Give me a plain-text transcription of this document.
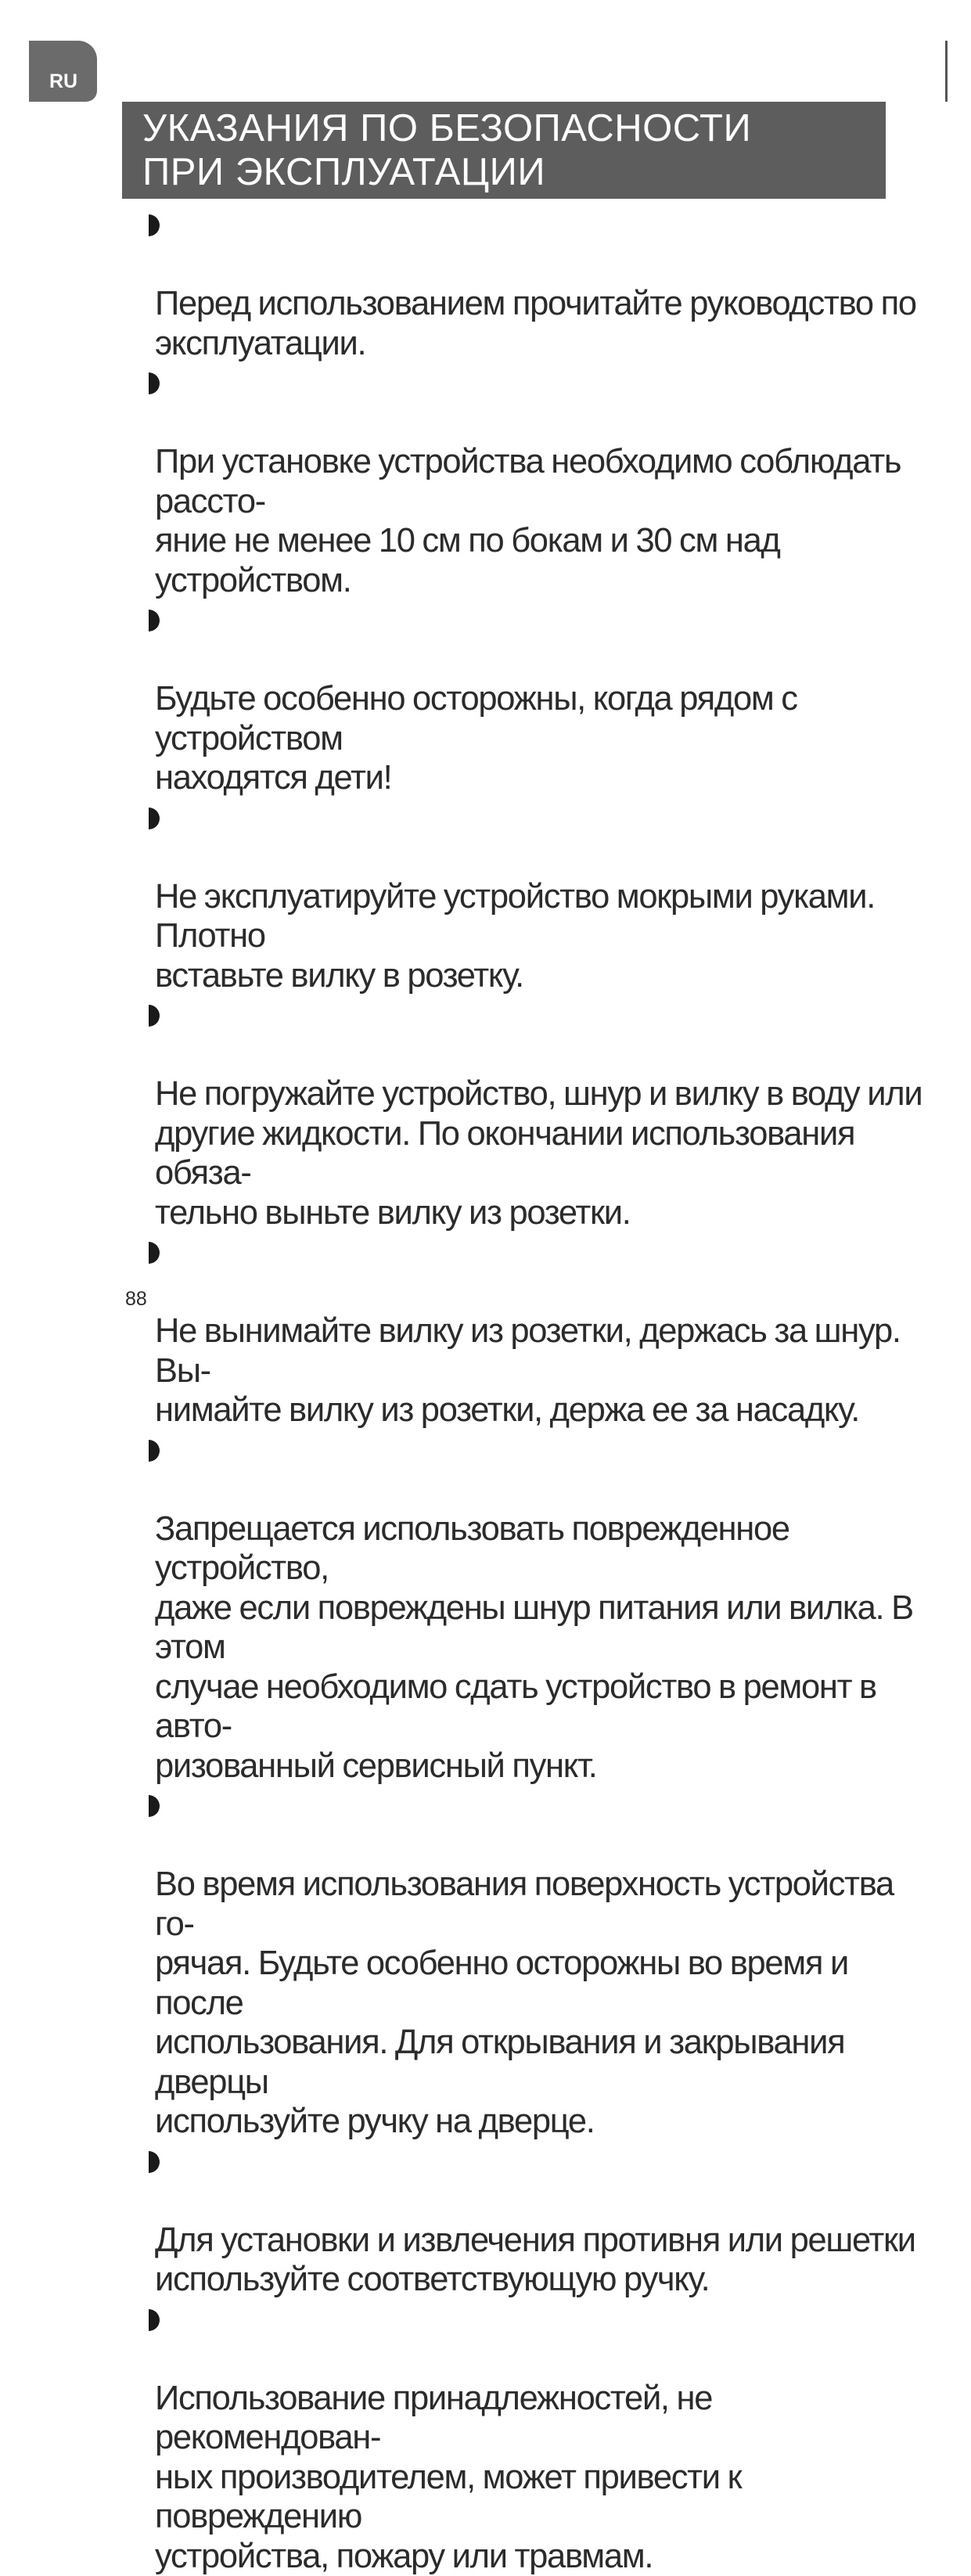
RU
УКАЗАНИЯ ПО БЕЗОПАСНОСТИ
ПРИ ЭКСПЛУАТАЦИИ

Перед использованием прочитайте руководство по
эксплуатации.

При установке устройства необходимо соблюдать рассто-
яние не менее 10 см по бокам и 30 см над устройством.

Будьте особенно осторожны, когда рядом с устройством
находятся дети!

Не эксплуатируйте устройство мокрыми руками. Плотно
вставьте вилку в розетку.

Не погружайте устройство, шнур и вилку в воду или
другие жидкости. По окончании использования обяза-
тельно выньте вилку из розетки.

Не вынимайте вилку из розетки, держась за шнур. Вы-
нимайте вилку из розетки, держа ее за насадку.

Запрещается использовать поврежденное устройство,
даже если повреждены шнур питания или вилка. В этом
случае необходимо сдать устройство в ремонт в авто-
ризованный сервисный пункт.

Во время использования поверхность устройства го-
рячая. Будьте особенно осторожны во время и после
использования. Для открывания и закрывания дверцы
используйте ручку на дверце.

Для установки и извлечения противня или решетки
используйте соответствующую ручку.

Использование принадлежностей, не рекомендован-
ных производителем, может привести к повреждению
устройства, пожару или травмам.

88
